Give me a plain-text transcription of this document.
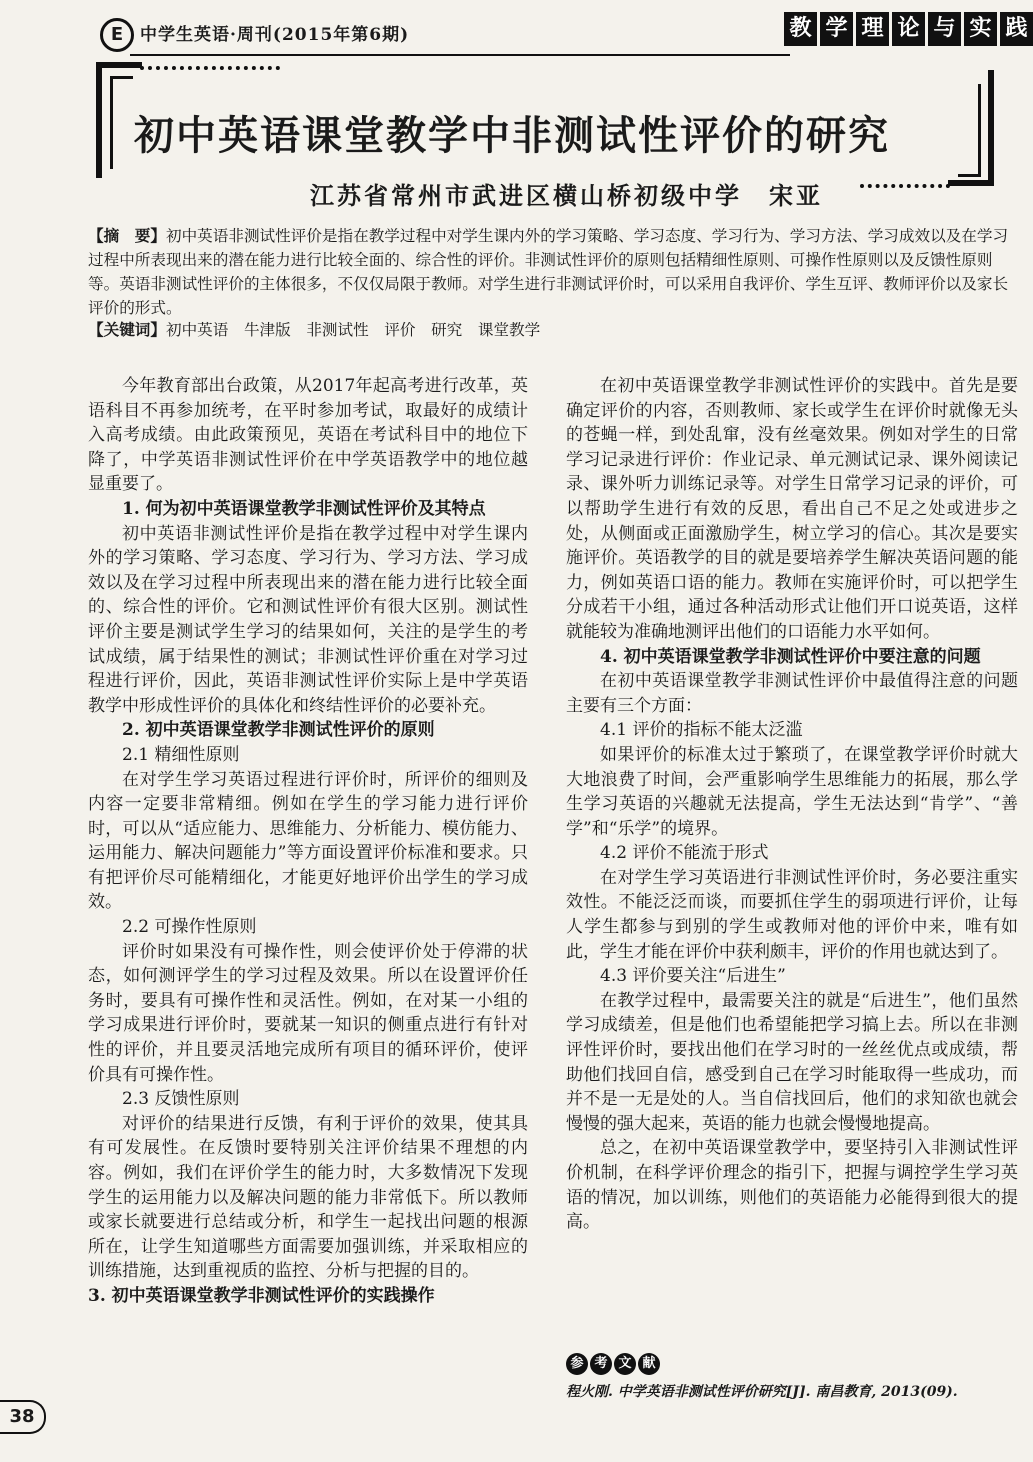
E 中学生英语·周刊(2015年第6期)	教 学 理 论 与 实 践
初中英语课堂教学中非测试性评价的研究
江苏省常州市武进区横山桥初级中学　宋亚
【摘　要】初中英语非测试性评价是指在教学过程中对学生课内外的学习策略、学习态度、学习行为、学习方法、学习成效以及在学习过程中所表现出来的潜在能力进行比较全面的、综合性的评价。非测试性评价的原则包括精细性原则、可操作性原则以及反馈性原则等。英语非测试性评价的主体很多，不仅仅局限于教师。对学生进行非测试评价时，可以采用自我评价、学生互评、教师评价以及家长评价的形式。
【关键词】初中英语　牛津版　非测试性　评价　研究　课堂教学

今年教育部出台政策，从2017年起高考进行改革，英语科目不再参加统考，在平时参加考试，取最好的成绩计入高考成绩。由此政策预见，英语在考试科目中的地位下降了，中学英语非测试性评价在中学英语教学中的地位越显重要了。

1. 何为初中英语课堂教学非测试性评价及其特点

初中英语非测试性评价是指在教学过程中对学生课内外的学习策略、学习态度、学习行为、学习方法、学习成效以及在学习过程中所表现出来的潜在能力进行比较全面的、综合性的评价。它和测试性评价有很大区别。测试性评价主要是测试学生学习的结果如何，关注的是学生的考试成绩，属于结果性的测试；非测试性评价重在对学习过程进行评价，因此，英语非测试性评价实际上是中学英语教学中形成性评价的具体化和终结性评价的必要补充。

2. 初中英语课堂教学非测试性评价的原则
2.1 精细性原则

在对学生学习英语过程进行评价时，所评价的细则及内容一定要非常精细。例如在学生的学习能力进行评价时，可以从“适应能力、思维能力、分析能力、模仿能力、运用能力、解决问题能力”等方面设置评价标准和要求。只有把评价尽可能精细化，才能更好地评价出学生的学习成效。

2.2 可操作性原则

评价时如果没有可操作性，则会使评价处于停滞的状态，如何测评学生的学习过程及效果。所以在设置评价任务时，要具有可操作性和灵活性。例如，在对某一小组的学习成果进行评价时，要就某一知识的侧重点进行有针对性的评价，并且要灵活地完成所有项目的循环评价，使评价具有可操作性。

2.3 反馈性原则

对评价的结果进行反馈，有利于评价的效果，使其具有可发展性。在反馈时要特别关注评价结果不理想的内容。例如，我们在评价学生的能力时，大多数情况下发现学生的运用能力以及解决问题的能力非常低下。所以教师或家长就要进行总结或分析，和学生一起找出问题的根源所在，让学生知道哪些方面需要加强训练，并采取相应的训练措施，达到重视质的监控、分析与把握的目的。

3. 初中英语课堂教学非测试性评价的实践操作

在初中英语课堂教学非测试性评价的实践中。首先是要确定评价的内容，否则教师、家长或学生在评价时就像无头的苍蝇一样，到处乱窜，没有丝毫效果。例如对学生的日常学习记录进行评价：作业记录、单元测试记录、课外阅读记录、课外听力训练记录等。对学生日常学习记录的评价，可以帮助学生进行有效的反思，看出自己不足之处或进步之处，从侧面或正面激励学生，树立学习的信心。其次是要实施评价。英语教学的目的就是要培养学生解决英语问题的能力，例如英语口语的能力。教师在实施评价时，可以把学生分成若干小组，通过各种活动形式让他们开口说英语，这样就能较为准确地测评出他们的口语能力水平如何。

4. 初中英语课堂教学非测试性评价中要注意的问题

在初中英语课堂教学非测试性评价中最值得注意的问题主要有三个方面：

4.1 评价的指标不能太泛滥

如果评价的标准太过于繁琐了，在课堂教学评价时就大大地浪费了时间，会严重影响学生思维能力的拓展，那么学生学习英语的兴趣就无法提高，学生无法达到“肯学”、“善学”和“乐学”的境界。

4.2 评价不能流于形式

在对学生学习英语进行非测试性评价时，务必要注重实效性。不能泛泛而谈，而要抓住学生的弱项进行评价，让每人学生都参与到别的学生或教师对他的评价中来，唯有如此，学生才能在评价中获利颇丰，评价的作用也就达到了。

4.3 评价要关注“后进生”

在教学过程中，最需要关注的就是“后进生”，他们虽然学习成绩差，但是他们也希望能把学习搞上去。所以在非测评性评价时，要找出他们在学习时的一丝丝优点或成绩，帮助他们找回自信，感受到自己在学习时能取得一些成功，而并不是一无是处的人。当自信找回后，他们的求知欲也就会慢慢的强大起来，英语的能力也就会慢慢地提高。

总之，在初中英语课堂教学中，要坚持引入非测试性评价机制，在科学评价理念的指引下，把握与调控学生学习英语的情况，加以训练，则他们的英语能力必能得到很大的提高。

参 考 文 献
程火刚. 中学英语非测试性评价研究[J]. 南昌教育, 2013(09).
38
